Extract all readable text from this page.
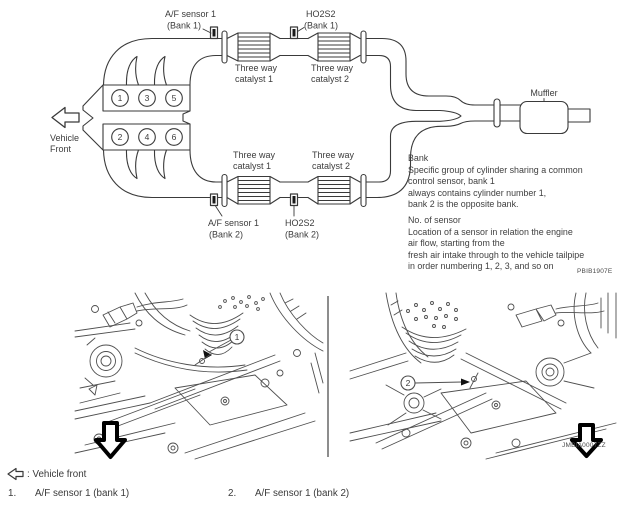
1	3	5
2	4	6
Vehicle
Front
A/F sensor 1
(Bank 1)
HO2S2
(Bank 1)
Three way
catalyst 1
Three way
catalyst 2
Three way
catalyst 1
Three way
catalyst 2
A/F sensor 1
(Bank 2)
HO2S2
(Bank 2)
Muffler
Bank
Specific group of cylinder sharing a common
control sensor, bank 1
always contains cylinder number 1,
bank 2 is the opposite bank.
No. of sensor
Location of a sensor in relation the engine
air flow, starting from the
fresh air intake through to the vehicle tailpipe
in order numbering 1, 2, 3, and so on
PBIB1907E
1
2
JMBIA0007ZZ
: Vehicle front
1. A/F sensor 1 (bank 1)	2. A/F sensor 1 (bank 2)
